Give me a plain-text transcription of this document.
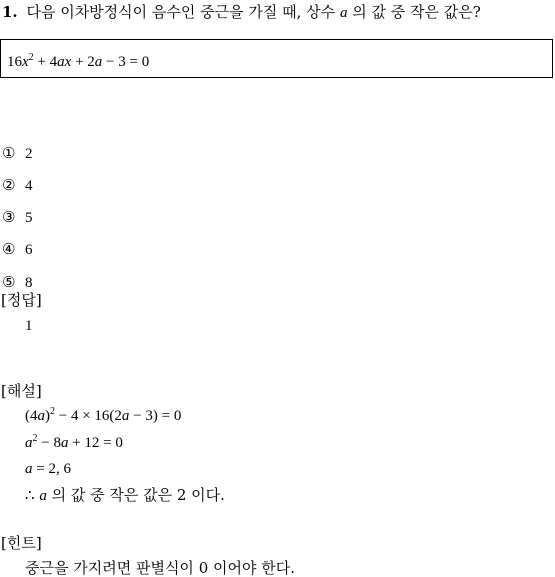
1. 다음 이차방정식이 음수인 중근을 가질 때, 상수 a 의 값 중 작은 값은?
$16x^2 + 4ax + 2a - 3 = 0$
① 2
② 4
③ 5
④ 6
⑤ 8
[정답]
1
[해설]
$(4a)^2 - 4 \times 16(2a - 3) = 0$
$a^2 - 8a + 12 = 0$
a = 2, 6
∴ a 의 값 중 작은 값은 2 이다.
[힌트]
중근을 가지려면 판별식이 0 이어야 한다.
